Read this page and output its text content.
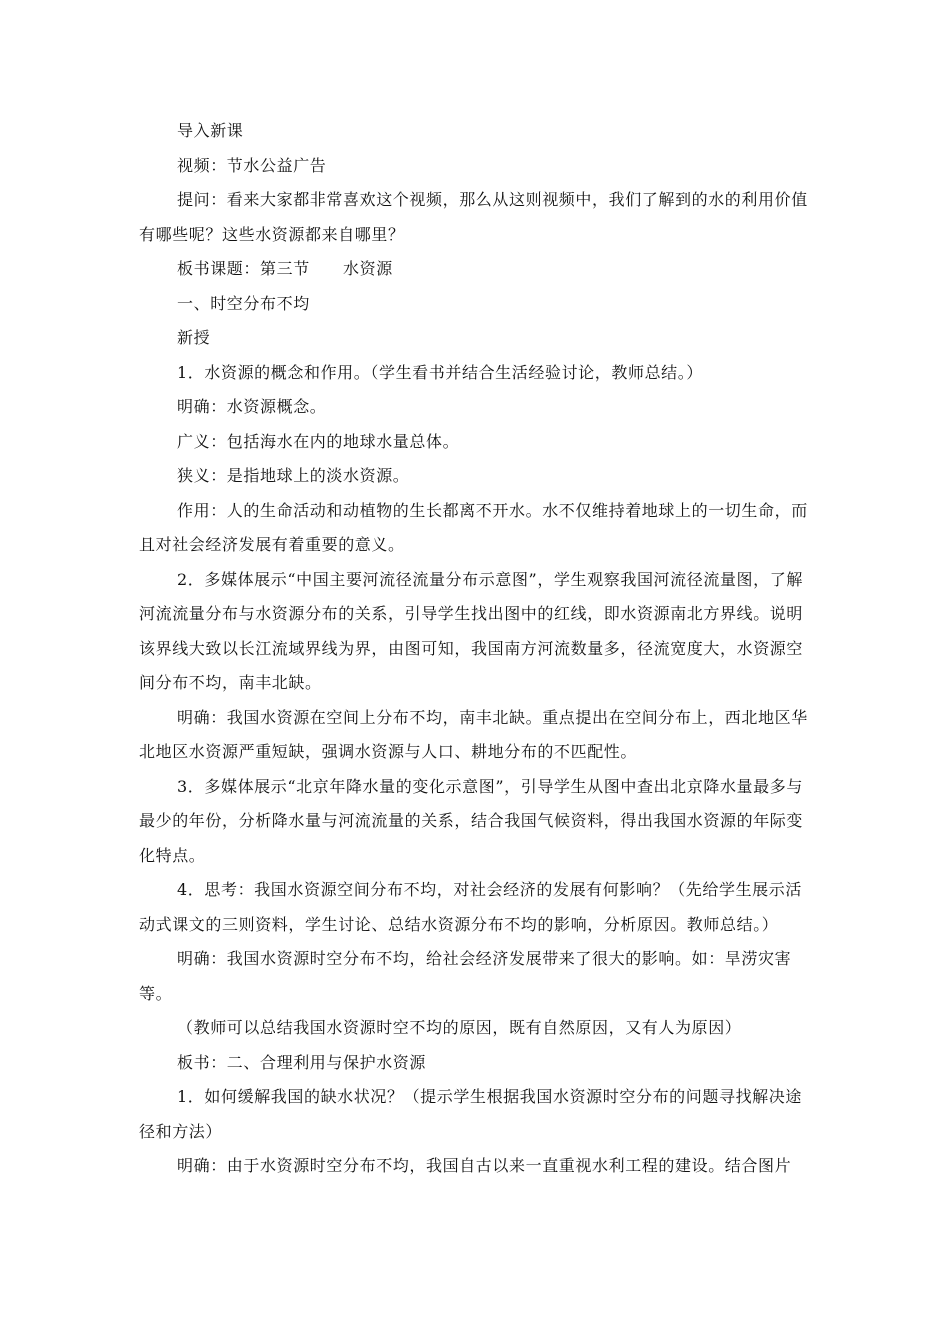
导入新课

视频：节水公益广告

提问：看来大家都非常喜欢这个视频，那么从这则视频中，我们了解到的水的利用价值有哪些呢？这些水资源都来自哪里？

板书课题：第三节　　水资源

一、时空分布不均

新授

1．水资源的概念和作用。（学生看书并结合生活经验讨论，教师总结。）

明确：水资源概念。

广义：包括海水在内的地球水量总体。

狭义：是指地球上的淡水资源。

作用：人的生命活动和动植物的生长都离不开水。水不仅维持着地球上的一切生命，而且对社会经济发展有着重要的意义。

2．多媒体展示“中国主要河流径流量分布示意图”，学生观察我国河流径流量图，了解河流流量分布与水资源分布的关系，引导学生找出图中的红线，即水资源南北方界线。说明该界线大致以长江流域界线为界，由图可知，我国南方河流数量多，径流宽度大，水资源空间分布不均，南丰北缺。

明确：我国水资源在空间上分布不均，南丰北缺。重点提出在空间分布上，西北地区华北地区水资源严重短缺，强调水资源与人口、耕地分布的不匹配性。

3．多媒体展示“北京年降水量的变化示意图”，引导学生从图中查出北京降水量最多与最少的年份，分析降水量与河流流量的关系，结合我国气候资料，得出我国水资源的年际变化特点。

4．思考：我国水资源空间分布不均，对社会经济的发展有何影响？（先给学生展示活动式课文的三则资料，学生讨论、总结水资源分布不均的影响，分析原因。教师总结。）

明确：我国水资源时空分布不均，给社会经济发展带来了很大的影响。如：旱涝灾害等。

（教师可以总结我国水资源时空不均的原因，既有自然原因，又有人为原因）

板书：二、合理利用与保护水资源

1．如何缓解我国的缺水状况？（提示学生根据我国水资源时空分布的问题寻找解决途径和方法）

明确：由于水资源时空分布不均，我国自古以来一直重视水利工程的建设。结合图片
